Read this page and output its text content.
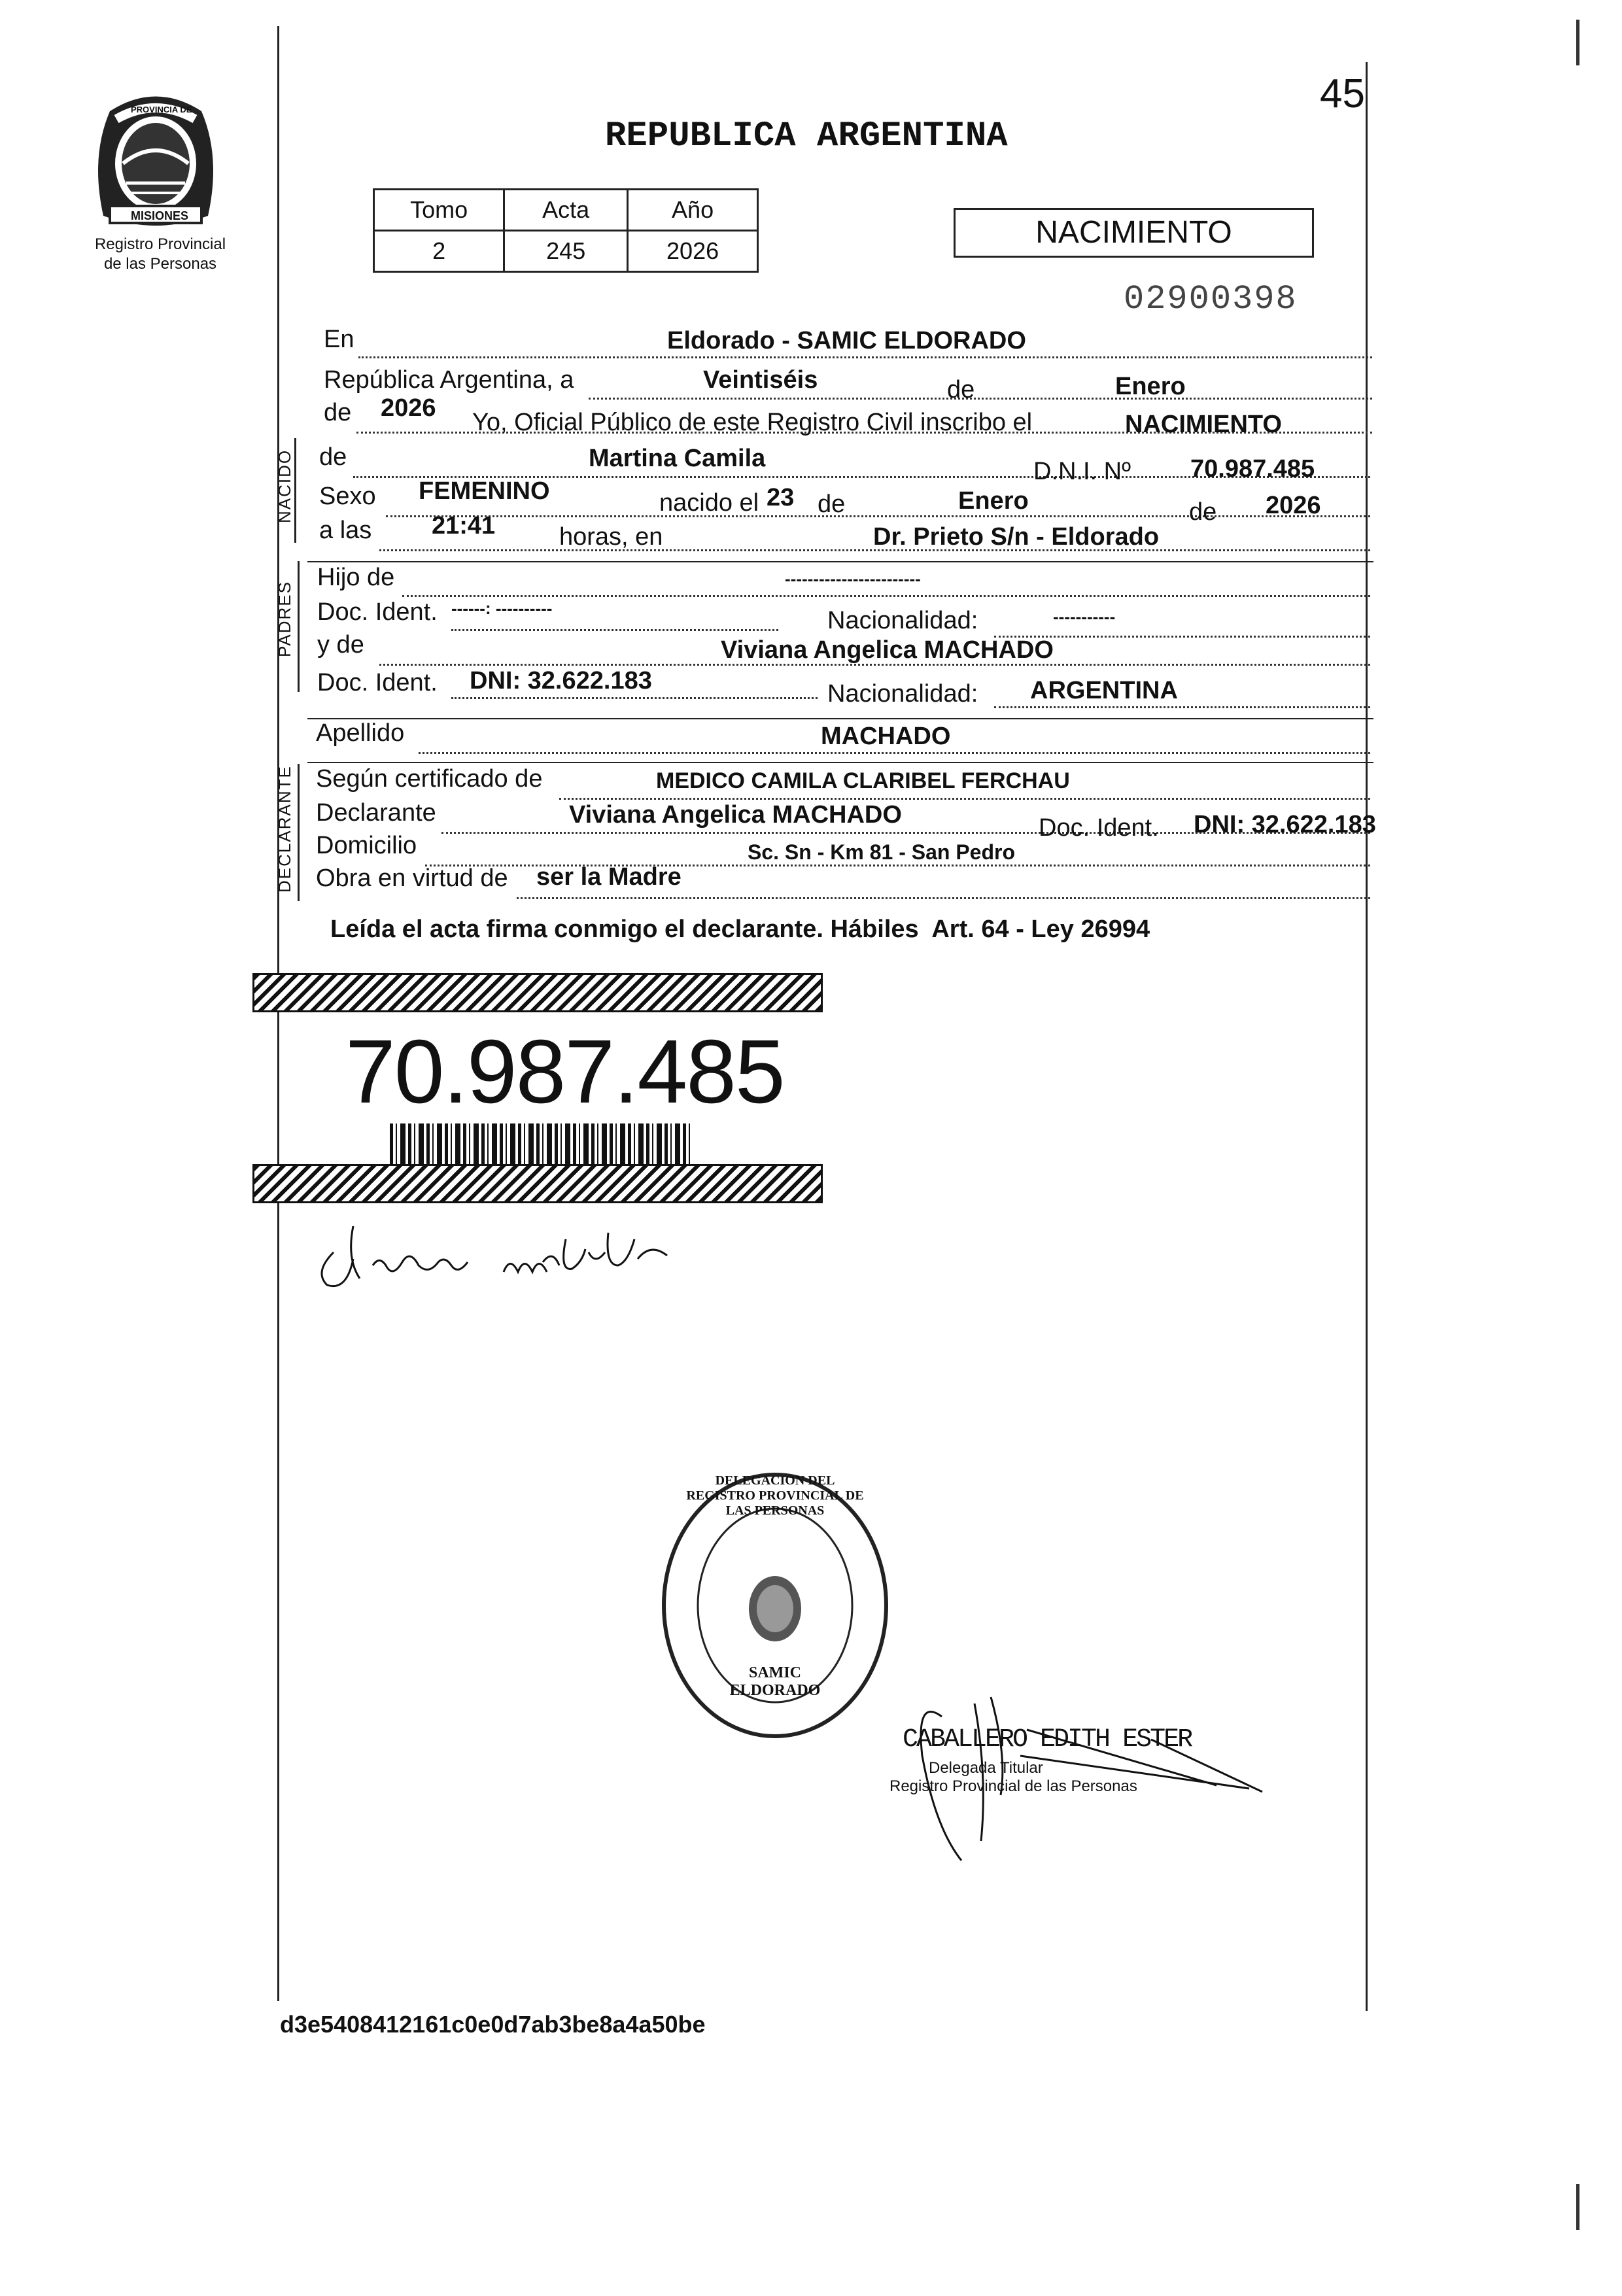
PROVINCIA DE
MISIONES
Registro Provincial
de las Personas
45
REPUBLICA ARGENTINA
Tomo	Acta	Año
2	245	2026
NACIMIENTO
02900398
En	Eldorado - SAMIC ELDORADO
República Argentina, a	Veintiséis	de	Enero
de 2026
Yo, Oficial Público de este Registro Civil inscribo el	NACIMIENTO
NACIDO de	Martina Camila	D.N.I. Nº 70.987.485
Sexo FEMENINO	nacido el 23 de	Enero	de 2026
a las 21:41	horas, en	Dr. Prieto S/n - Eldorado
PADRES
Hijo de	------------------------
Doc. Ident. ------: ----------	Nacionalidad:	-----------
y de	Viviana Angelica MACHADO
Doc. Ident. DNI: 32.622.183	Nacionalidad: ARGENTINA
Apellido	MACHADO
DECLARANTE Según certificado de	MEDICO CAMILA CLARIBEL FERCHAU
Declarante	Viviana Angelica MACHADO	Doc. Ident. DNI: 32.622.183
Domicilio	Sc. Sn - Km 81 - San Pedro
Obra en virtud de ser la Madre
Leída el acta firma conmigo el declarante. Hábiles  Art. 64 - Ley 26994
70.987.485
DELEGACION DEL REGISTRO PROVINCIAL DE LAS PERSONAS
SAMIC ELDORADO
CABALLERO EDITH ESTER
Delegada Titular
Registro Provincial de las Personas
d3e5408412161c0e0d7ab3be8a4a50be
